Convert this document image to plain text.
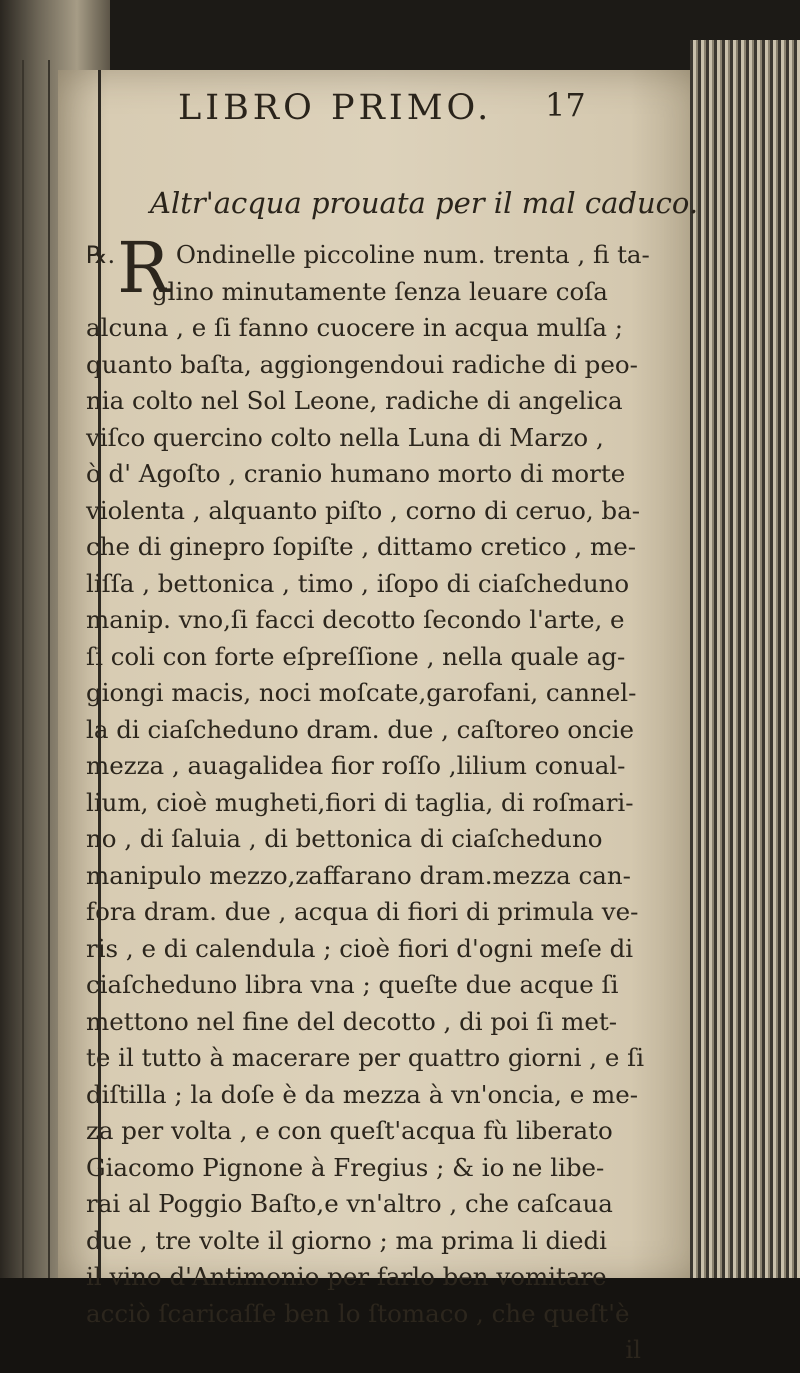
LIBRO PRIMO. 17
Altr'acqua prouata per il mal caduco.
℞.R Ondinelle piccoline num. trenta , fi ta-
glino minutamente ſenza leuare coſa
alcuna , e ſi fanno cuocere in acqua mulſa ;
quanto baſta, aggiongendoui radiche di peo-
nia colto nel Sol Leone, radiche di angelica
viſco quercino colto nella Luna di Marzo ,
ò d' Agoſto , cranio humano morto di morte
violenta , alquanto piſto , corno di ceruo, ba-
che di ginepro ſopiſte , dittamo cretico , me-
liſſa , bettonica , timo , iſopo di ciaſcheduno
manip. vno,ſi facci decotto ſecondo l'arte, e
ſi coli con forte eſpreſſione , nella quale ag-
giongi macis, noci moſcate,garofani, cannel-
la di ciaſcheduno dram. due , caſtoreo oncie
mezza , auagalidea fior roſſo ,lilium conual-
lium, cioè mugheti,fiori di taglia, di roſmari-
no , di ſaluia , di bettonica di ciaſcheduno
manipulo mezzo,zaffarano dram.mezza can-
fora dram. due , acqua di fiori di primula ve-
ris , e di calendula ; cioè fiori d'ogni meſe di
ciaſcheduno libra vna ; queſte due acque ſi
mettono nel fine del decotto , di poi ſi met-
te il tutto à macerare per quattro giorni , e ſi
diſtilla ; la doſe è da mezza à vn'oncia, e me-
za per volta , e con queſt'acqua fù liberato
Giacomo Pignone à Fregius ; & io ne libe-
rai al Poggio Baſto,e vn'altro , che caſcaua
due , tre volte il giorno ; ma prima li diedi
il vino d'Antimonio per farlo ben vomitare
acciò ſcaricaſſe ben lo ſtomaco , che queſt'è
il
